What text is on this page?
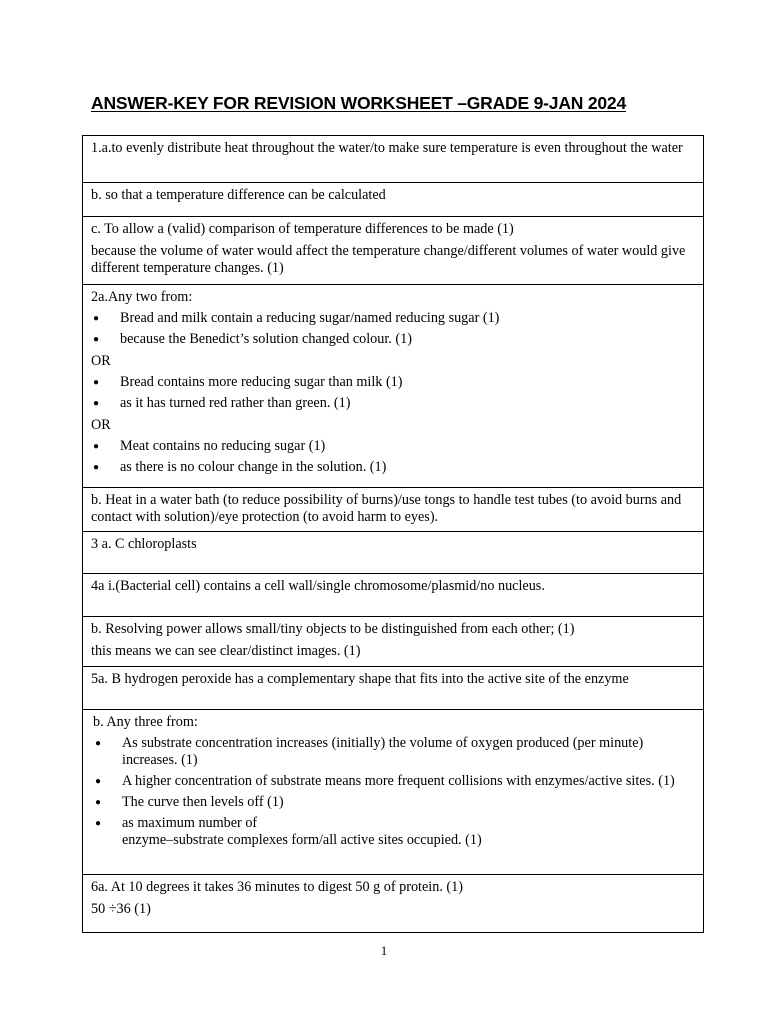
ANSWER-KEY FOR REVISION WORKSHEET –GRADE 9-JAN 2024

1.a.to evenly distribute heat throughout the water/to make sure temperature is even throughout the water

b. so that a temperature difference can be calculated

c. To allow a (valid) comparison of temperature differences to be made (1)

because the volume of water would affect the temperature change/different volumes of water would give different temperature changes. (1)

2a.Any two from:

● Bread and milk contain a reducing sugar/named reducing sugar (1)
● because the Benedict’s solution changed colour. (1)

OR

● Bread contains more reducing sugar than milk (1)
● as it has turned red rather than green. (1)

OR

● Meat contains no reducing sugar (1)
● as there is no colour change in the solution. (1)

b. Heat in a water bath (to reduce possibility of burns)/use tongs to handle test tubes (to avoid burns and contact with solution)/eye protection (to avoid harm to eyes).

3 a. C chloroplasts

4a i.(Bacterial cell) contains a cell wall/single chromosome/plasmid/no nucleus.

b. Resolving power allows small/tiny objects to be distinguished from each other; (1)

this means we can see clear/distinct images. (1)

5a. B hydrogen peroxide has a complementary shape that fits into the active site of the enzyme

b. Any three from:

● As substrate concentration increases (initially) the volume of oxygen produced (per minute) increases. (1)
● A higher concentration of substrate means more frequent collisions with enzymes/active sites. (1)
● The curve then levels off (1)
● as maximum number of
enzyme–substrate complexes form/all active sites occupied. (1)

6a. At 10 degrees it takes 36 minutes to digest 50 g of protein. (1)

50 ÷36 (1)

1
